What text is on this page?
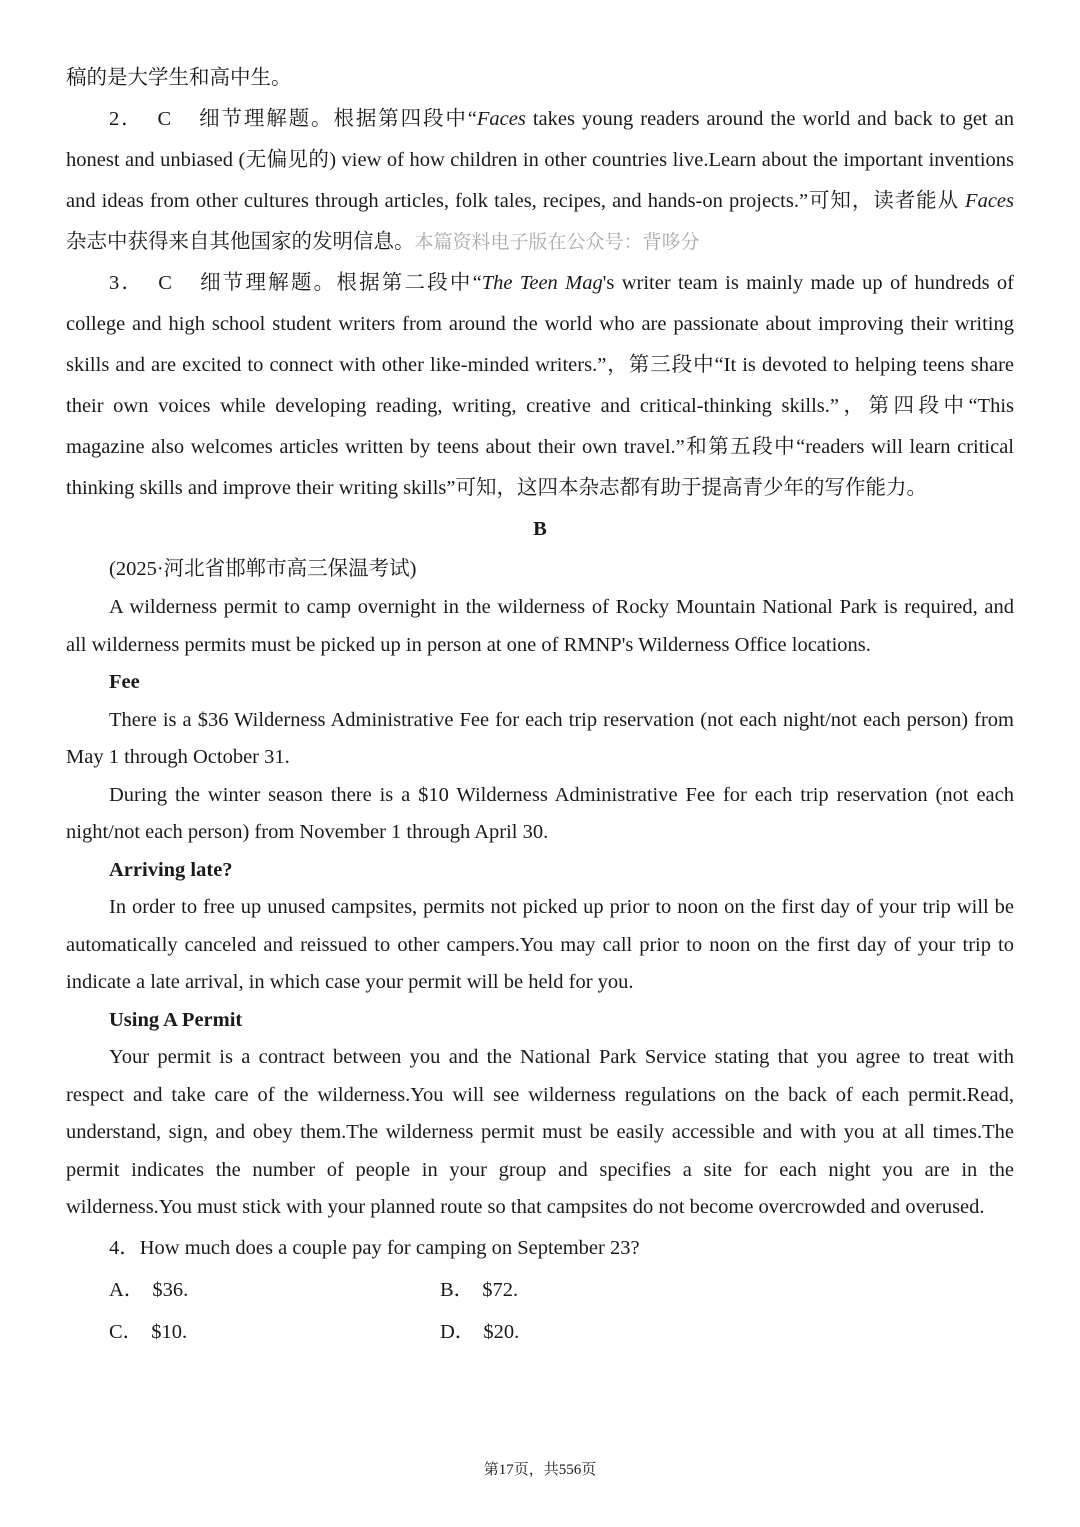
稿的是大学生和高中生。

2． C 细节理解题。根据第四段中“Faces takes young readers around the world and back to get an honest and unbiased (无偏见的) view of how children in other countries live.Learn about the important inventions and ideas from other cultures through articles, folk tales, recipes, and hands-on projects.”可知，读者能从 Faces 杂志中获得来自其他国家的发明信息。本篇资料电子版在公众号：背哆分

3． C 细节理解题。根据第二段中“The Teen Mag's writer team is mainly made up of hundreds of college and high school student writers from around the world who are passionate about improving their writing skills and are excited to connect with other like-minded writers.”，第三段中“It is devoted to helping teens share their own voices while developing reading, writing, creative and critical-thinking skills.”，第四段中“This magazine also welcomes articles written by teens about their own travel.”和第五段中“readers will learn critical thinking skills and improve their writing skills”可知，这四本杂志都有助于提高青少年的写作能力。

B

(2025·河北省邯郸市高三保温考试)

A wilderness permit to camp overnight in the wilderness of Rocky Mountain National Park is required, and all wilderness permits must be picked up in person at one of RMNP's Wilderness Office locations.

Fee

There is a $36 Wilderness Administrative Fee for each trip reservation (not each night/not each person) from May 1 through October 31.

During the winter season there is a $10 Wilderness Administrative Fee for each trip reservation (not each night/not each person) from November 1 through April 30.

Arriving late?

In order to free up unused campsites, permits not picked up prior to noon on the first day of your trip will be automatically canceled and reissued to other campers.You may call prior to noon on the first day of your trip to indicate a late arrival, in which case your permit will be held for you.

Using A Permit

Your permit is a contract between you and the National Park Service stating that you agree to treat with respect and take care of the wilderness.You will see wilderness regulations on the back of each permit.Read, understand, sign, and obey them.The wilderness permit must be easily accessible and with you at all times.The permit indicates the number of people in your group and specifies a site for each night you are in the wilderness.You must stick with your planned route so that campsites do not become overcrowded and overused.

4．How much does a couple pay for camping on September 23?

A． $36.	B． $72.
C． $10.	D． $20.
第17页，共556页
